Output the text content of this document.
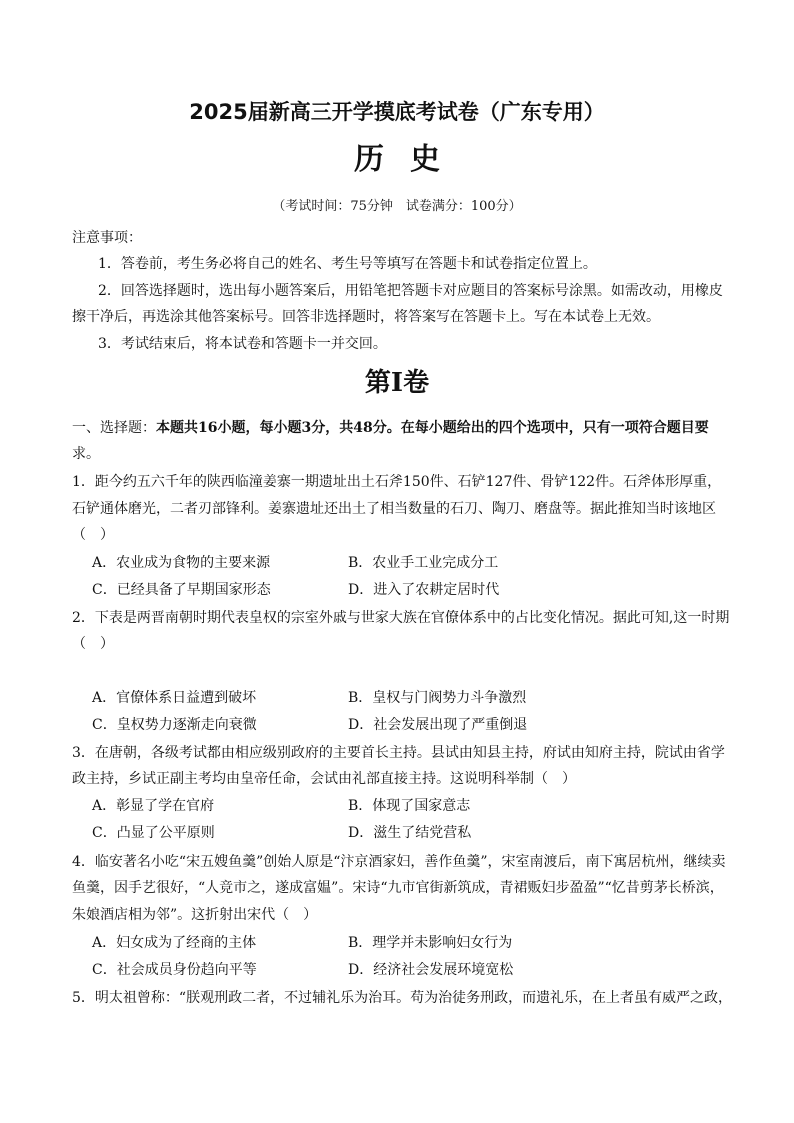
2025届新高三开学摸底考试卷（广东专用）
历史
（考试时间：75分钟　试卷满分：100分）
注意事项：
1．答卷前，考生务必将自己的姓名、考生号等填写在答题卡和试卷指定位置上。
2．回答选择题时，选出每小题答案后，用铅笔把答题卡对应题目的答案标号涂黑。如需改动，用橡皮
擦干净后，再选涂其他答案标号。回答非选择题时，将答案写在答题卡上。写在本试卷上无效。
3．考试结束后，将本试卷和答题卡一并交回。
第Ⅰ卷
一、选择题：本题共16小题，每小题3分，共48分。在每小题给出的四个选项中，只有一项符合题目要
求。
1．距今约五六千年的陕西临潼姜寨一期遗址出土石斧150件、石铲127件、骨铲122件。石斧体形厚重，
石铲通体磨光，二者刃部锋利。姜寨遗址还出土了相当数量的石刀、陶刀、磨盘等。据此推知当时该地区
（　）
A．农业成为食物的主要来源	B．农业手工业完成分工
C．已经具备了早期国家形态	D．进入了农耕定居时代
2．下表是两晋南朝时期代表皇权的宗室外戚与世家大族在官僚体系中的占比变化情况。据此可知,这一时期
（　）
A．官僚体系日益遭到破坏	B．皇权与门阀势力斗争激烈
C．皇权势力逐渐走向衰微	D．社会发展出现了严重倒退
3．在唐朝，各级考试都由相应级别政府的主要首长主持。县试由知县主持，府试由知府主持，院试由省学
政主持，乡试正副主考均由皇帝任命，会试由礼部直接主持。这说明科举制（　）
A．彰显了学在官府	B．体现了国家意志
C．凸显了公平原则	D．滋生了结党营私
4．临安著名小吃“宋五嫂鱼羹”创始人原是“汴京酒家妇，善作鱼羹”，宋室南渡后，南下寓居杭州，继续卖
鱼羹，因手艺很好，“人竞市之，遂成富媪”。宋诗“九市官街新筑成，青裙贩妇步盈盈”“忆昔剪茅长桥滨，
朱娘酒店相为邻”。这折射出宋代（　）
A．妇女成为了经商的主体	B．理学并未影响妇女行为
C．社会成员身份趋向平等	D．经济社会发展环境宽松
5．明太祖曾称：“朕观刑政二者，不过辅礼乐为治耳。苟为治徒务刑政，而遗礼乐，在上者虽有威严之政，
